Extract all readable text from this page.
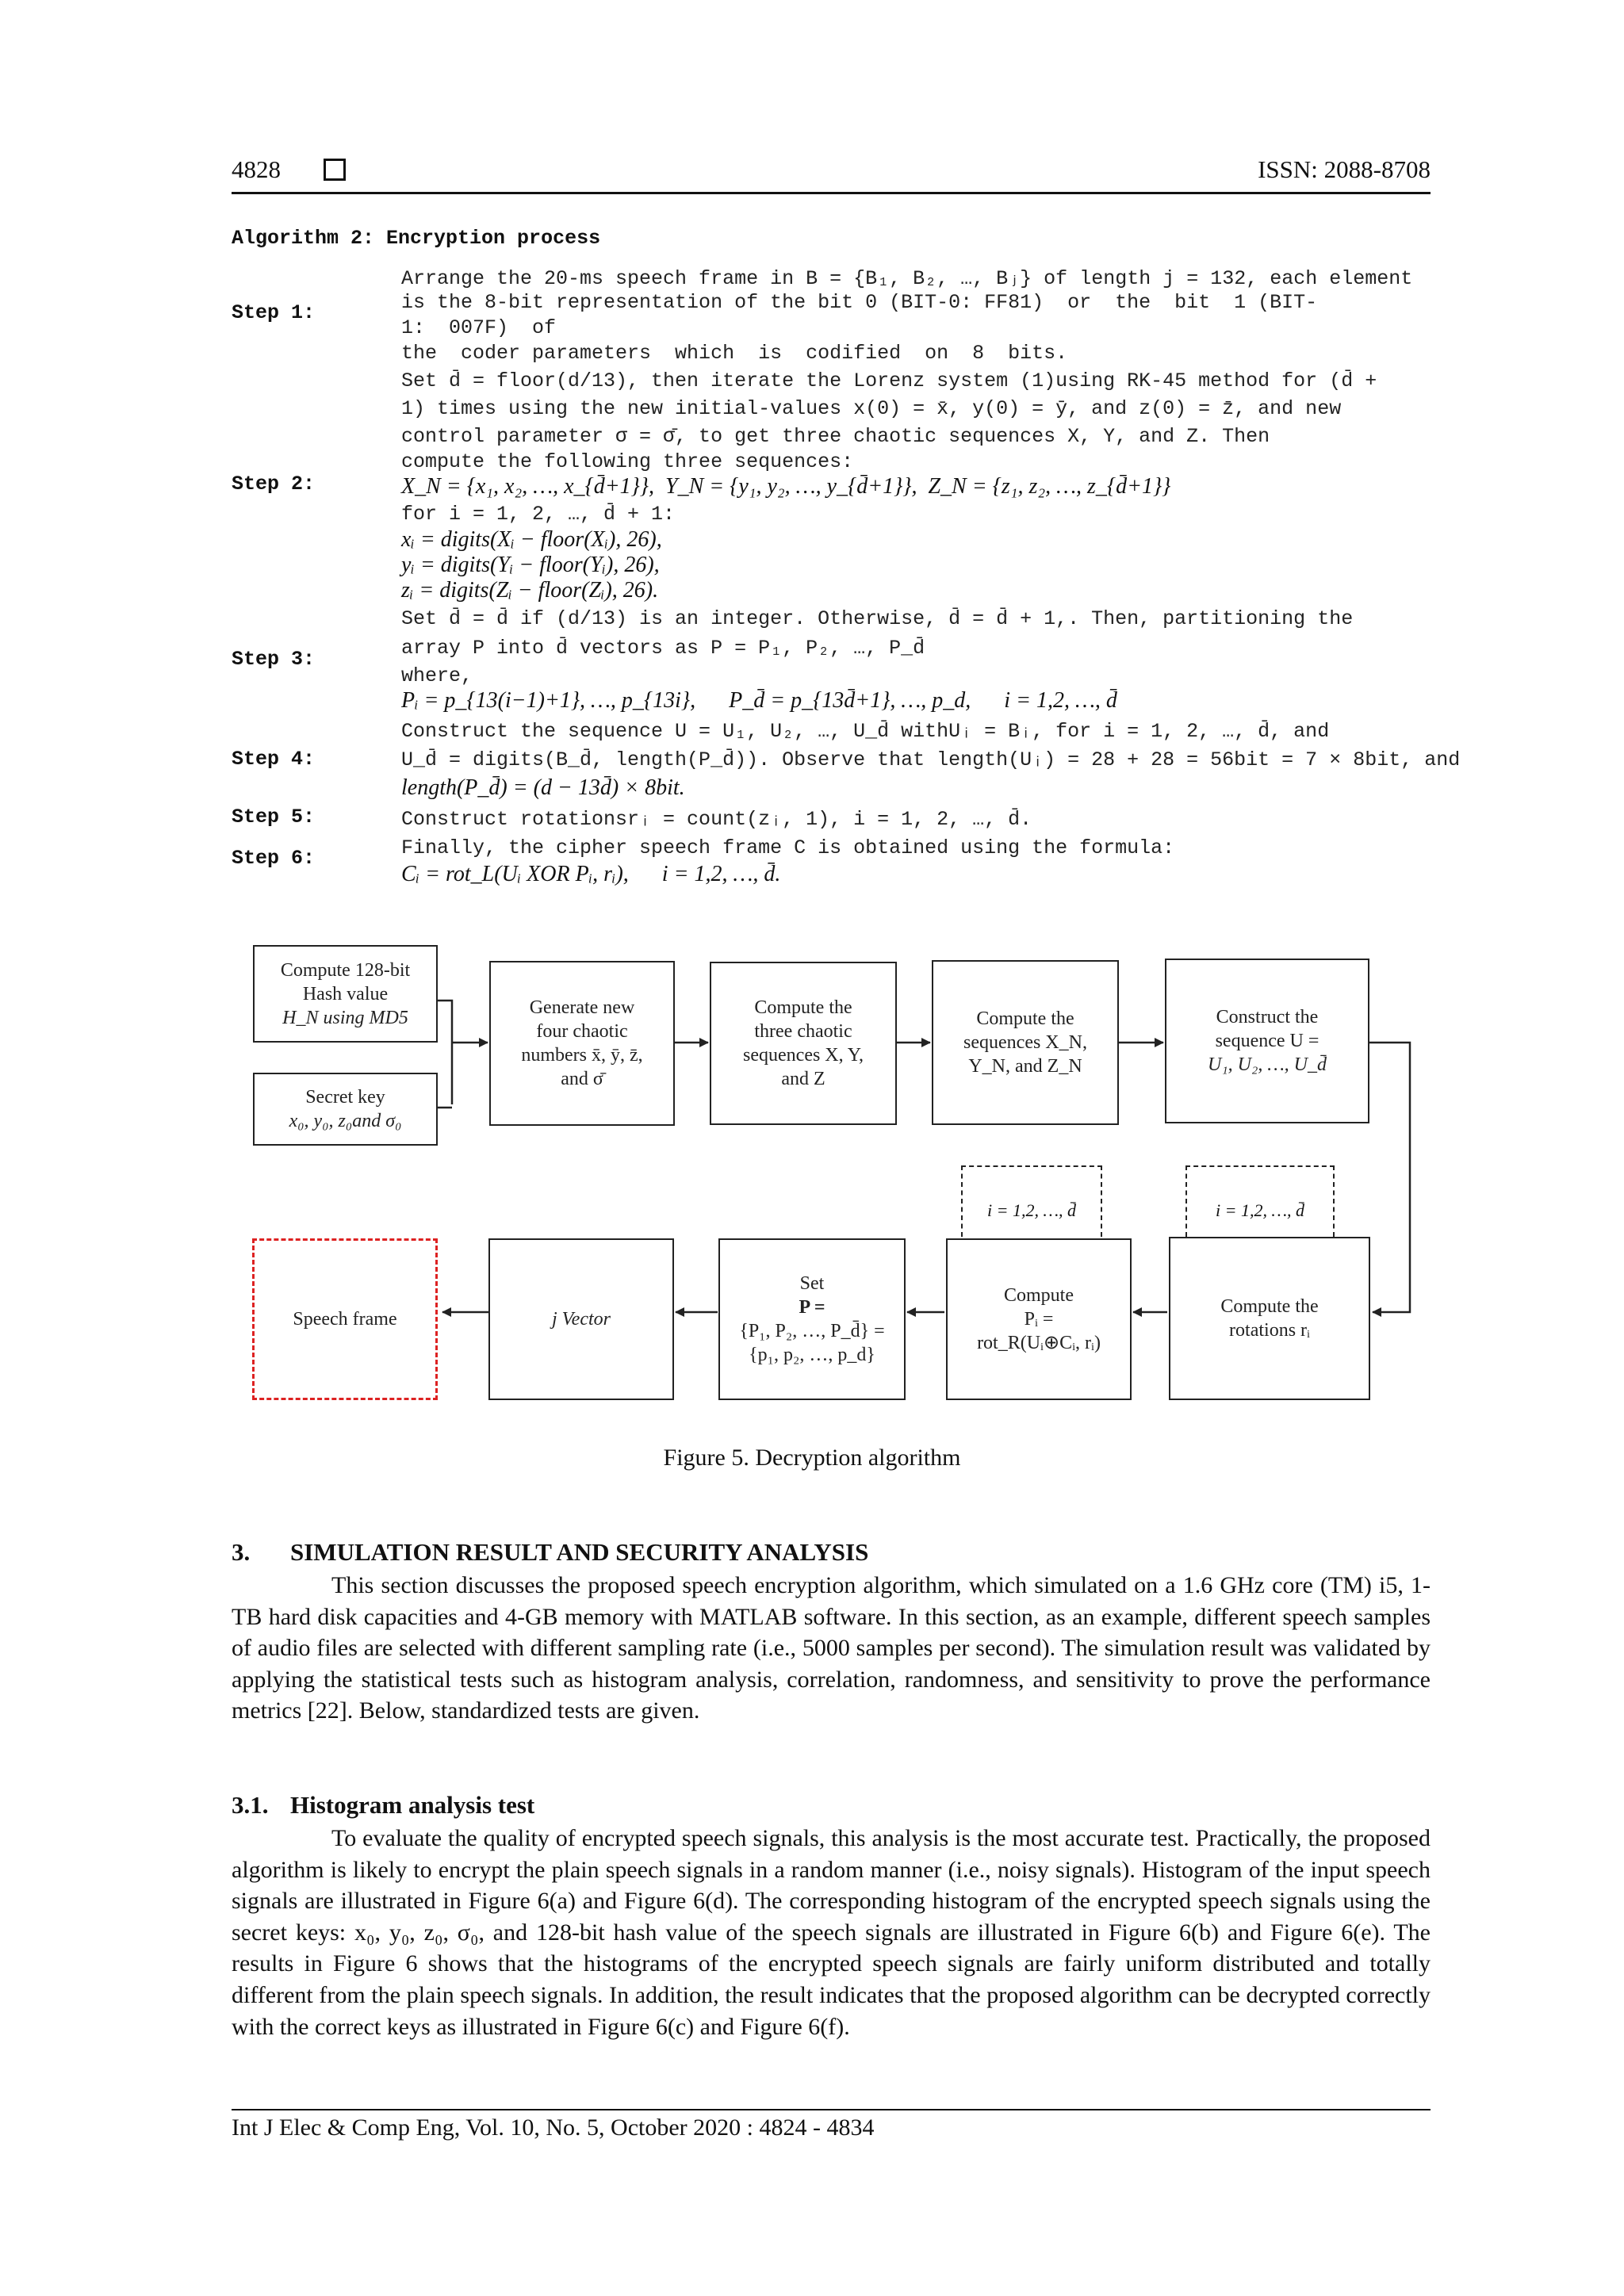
4828	ISSN: 2088-8708
Algorithm 2: Encryption process
Step 1:
Arrange the 20-ms speech frame in B = {B₁, B₂, …, Bⱼ} of length j = 132, each element
is the 8-bit representation of the bit 0 (BIT-0: FF81)  or  the  bit  1 (BIT-
1:  007F)  of
the  coder parameters  which  is  codified  on  8  bits.
Step 2:
Set d̄ = floor(d/13), then iterate the Lorenz system (1)using RK-45 method for (d̄ +
1) times using the new initial-values x(0) = x̄, y(0) = ȳ, and z(0) = z̄, and new
control parameter σ = σ̄, to get three chaotic sequences X, Y, and Z. Then
compute the following three sequences:
X_N = {x₁, x₂, …, x_{d̄+1}},  Y_N = {y₁, y₂, …, y_{d̄+1}},  Z_N = {z₁, z₂, …, z_{d̄+1}}
for i = 1, 2, …, d̄ + 1:
xᵢ = digits(Xᵢ − floor(Xᵢ), 26),
yᵢ = digits(Yᵢ − floor(Yᵢ), 26),
zᵢ = digits(Zᵢ − floor(Zᵢ), 26).
Step 3:
Set d̄ = d̄ if (d/13) is an integer. Otherwise, d̄ = d̄ + 1,. Then, partitioning the
array P into d̄ vectors as P = P₁, P₂, …, P_d̄
where,
Pᵢ = p_{13(i−1)+1}, …, p_{13i},      P_d̄ = p_{13d̄+1}, …, p_d,      i = 1,2, …, d̄
Step 4:
Construct the sequence U = U₁, U₂, …, U_d̄ withUᵢ = Bᵢ, for i = 1, 2, …, d̄, and
U_d̄ = digits(B_d̄, length(P_d̄)). Observe that length(Uᵢ) = 28 + 28 = 56bit = 7 × 8bit, and
length(P_d̄) = (d − 13d̄) × 8bit.
Step 5:	Construct rotationsrᵢ = count(zᵢ, 1), i = 1, 2, …, d̄.
Step 6:	Finally, the cipher speech frame C is obtained using the formula:
Cᵢ = rot_L(Uᵢ XOR Pᵢ, rᵢ),      i = 1,2, …, d̄.
Compute 128-bit
Hash value
H_N using MD5
Secret key
x₀, y₀, z₀and σ₀
Generate new
four chaotic
numbers x̄, ȳ, z̄,
and σ̄
Compute the
three chaotic
sequences X, Y,
and Z
Compute the
sequences X_N,
Y_N, and Z_N
Construct the
sequence U =
U₁, U₂, …, U_d̄
i = 1,2, …, d̄	i = 1,2, …, d̄
Speech frame	j Vector
Set
P =
{P₁, P₂, …, P_d̄} =
{p₁, p₂, …, p_d}
Compute
Pᵢ =
rot_R(Uᵢ⊕Cᵢ, rᵢ)
Compute the
rotations rᵢ
Figure 5. Decryption algorithm
3. SIMULATION RESULT AND SECURITY ANALYSIS
This section discusses the proposed speech encryption algorithm, which simulated on a 1.6 GHz core (TM) i5, 1-TB hard disk capacities and 4-GB memory with MATLAB software. In this section, as an example, different speech samples of audio files are selected with different sampling rate (i.e., 5000 samples per second). The simulation result was validated by applying the statistical tests such as histogram analysis, correlation, randomness, and sensitivity to prove the performance metrics [22]. Below, standardized tests are given.
3.1. Histogram analysis test
To evaluate the quality of encrypted speech signals, this analysis is the most accurate test. Practically, the proposed algorithm is likely to encrypt the plain speech signals in a random manner (i.e., noisy signals). Histogram of the input speech signals are illustrated in Figure 6(a) and Figure 6(d). The corresponding histogram of the encrypted speech signals using the secret keys: x₀, y₀, z₀, σ₀, and 128-bit hash value of the speech signals are illustrated in Figure 6(b) and Figure 6(e). The results in Figure 6 shows that the histograms of the encrypted speech signals are fairly uniform distributed and totally different from the plain speech signals. In addition, the result indicates that the proposed algorithm can be decrypted correctly with the correct keys as illustrated in Figure 6(c) and Figure 6(f).
Int J Elec & Comp Eng, Vol. 10, No. 5, October 2020 : 4824 - 4834
